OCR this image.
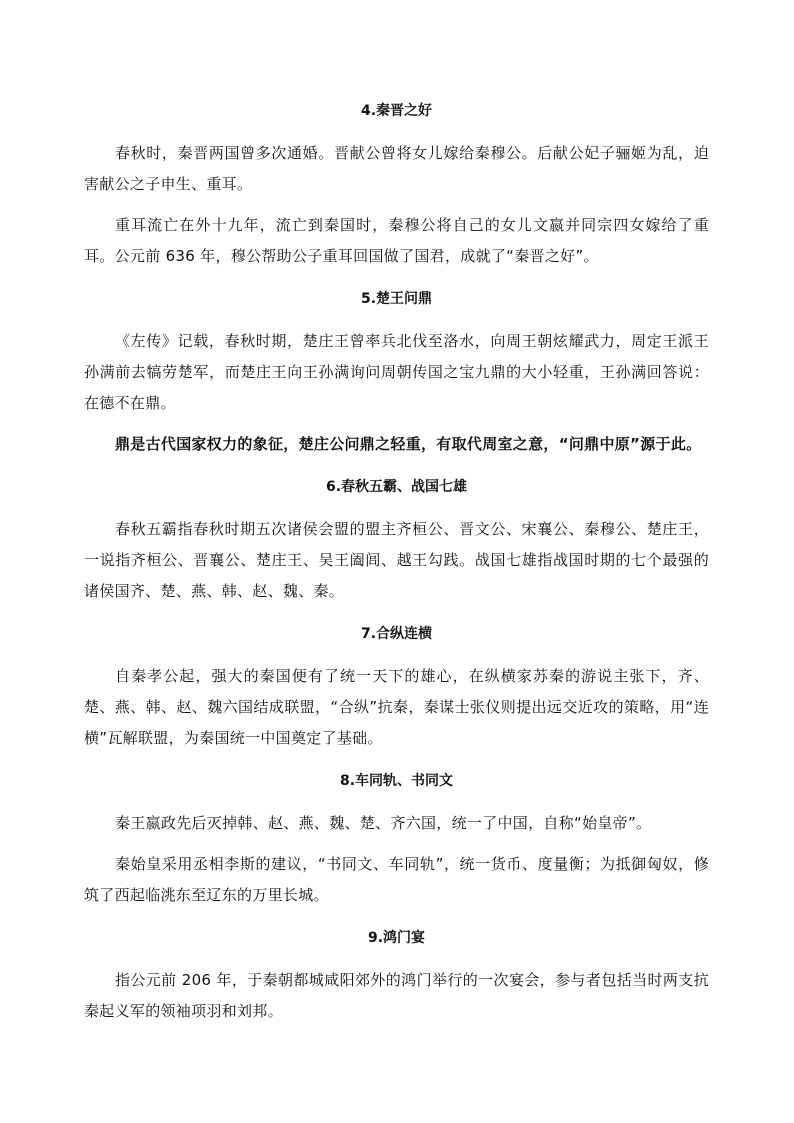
4.秦晋之好

春秋时，秦晋两国曾多次通婚。晋献公曾将女儿嫁给秦穆公。后献公妃子骊姬为乱，迫害献公之子申生、重耳。

重耳流亡在外十九年，流亡到秦国时，秦穆公将自己的女儿文嬴并同宗四女嫁给了重耳。公元前 636 年，穆公帮助公子重耳回国做了国君，成就了“秦晋之好”。

5.楚王问鼎

《左传》记载，春秋时期，楚庄王曾率兵北伐至洛水，向周王朝炫耀武力，周定王派王孙满前去犒劳楚军，而楚庄王向王孙满询问周朝传国之宝九鼎的大小轻重，王孙满回答说：在德不在鼎。

鼎是古代国家权力的象征，楚庄公问鼎之轻重，有取代周室之意，“问鼎中原”源于此。

6.春秋五霸、战国七雄

春秋五霸指春秋时期五次诸侯会盟的盟主齐桓公、晋文公、宋襄公、秦穆公、楚庄王，一说指齐桓公、晋襄公、楚庄王、吴王阖闾、越王勾践。战国七雄指战国时期的七个最强的诸侯国齐、楚、燕、韩、赵、魏、秦。

7.合纵连横

自秦孝公起，强大的秦国便有了统一天下的雄心，在纵横家苏秦的游说主张下，齐、楚、燕、韩、赵、魏六国结成联盟，“合纵”抗秦，秦谋士张仪则提出远交近攻的策略，用“连横”瓦解联盟，为秦国统一中国奠定了基础。

8.车同轨、书同文

秦王嬴政先后灭掉韩、赵、燕、魏、楚、齐六国，统一了中国，自称“始皇帝”。

秦始皇采用丞相李斯的建议，“书同文、车同轨”，统一货币、度量衡；为抵御匈奴，修筑了西起临洮东至辽东的万里长城。

9.鸿门宴

指公元前 206 年，于秦朝都城咸阳郊外的鸿门举行的一次宴会，参与者包括当时两支抗秦起义军的领袖项羽和刘邦。
